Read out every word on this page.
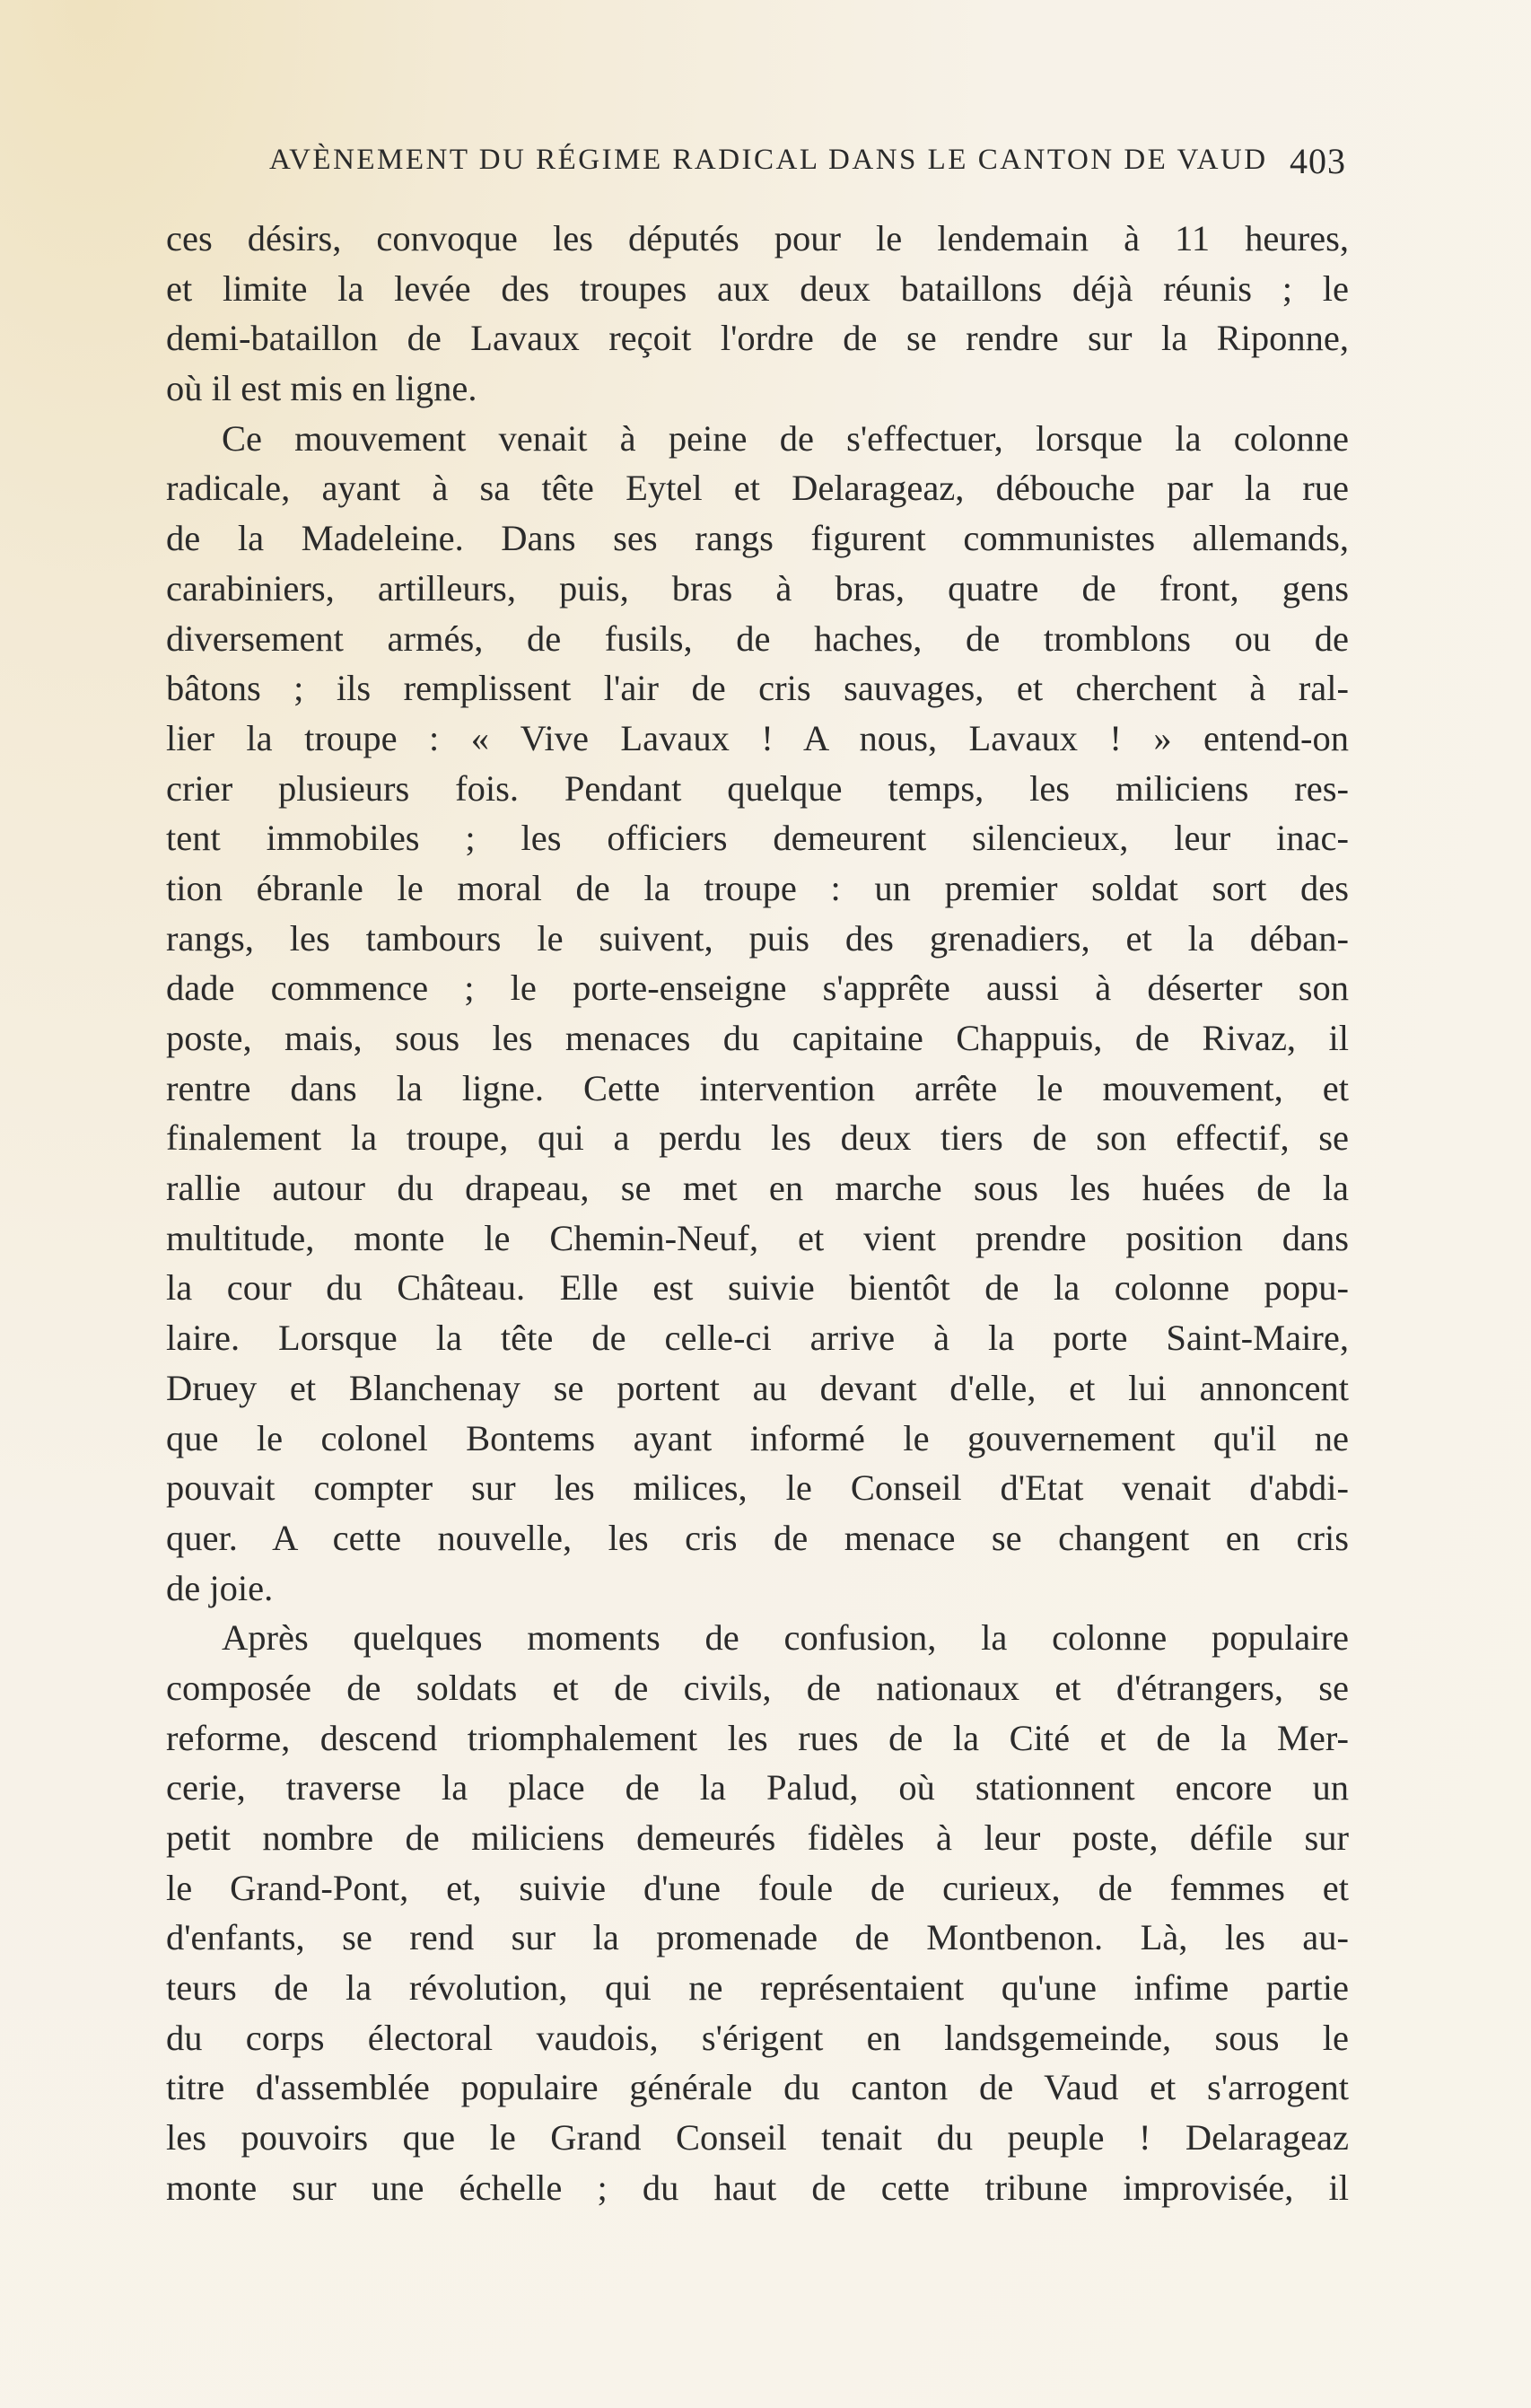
AVÈNEMENT DU RÉGIME RADICAL DANS LE CANTON DE VAUD 403
ces désirs, convoque les députés pour le lendemain à 11 heures,
et limite la levée des troupes aux deux bataillons déjà réunis ; le
demi-bataillon de Lavaux reçoit l'ordre de se rendre sur la Riponne,
où il est mis en ligne.
Ce mouvement venait à peine de s'effectuer, lorsque la colonne
radicale, ayant à sa tête Eytel et Delarageaz, débouche par la rue
de la Madeleine. Dans ses rangs figurent communistes allemands,
carabiniers, artilleurs, puis, bras à bras, quatre de front, gens
diversement armés, de fusils, de haches, de tromblons ou de
bâtons ; ils remplissent l'air de cris sauvages, et cherchent à ral-
lier la troupe : « Vive Lavaux ! A nous, Lavaux ! » entend-on
crier plusieurs fois. Pendant quelque temps, les miliciens res-
tent immobiles ; les officiers demeurent silencieux, leur inac-
tion ébranle le moral de la troupe : un premier soldat sort des
rangs, les tambours le suivent, puis des grenadiers, et la déban-
dade commence ; le porte-enseigne s'apprête aussi à déserter son
poste, mais, sous les menaces du capitaine Chappuis, de Rivaz, il
rentre dans la ligne. Cette intervention arrête le mouvement, et
finalement la troupe, qui a perdu les deux tiers de son effectif, se
rallie autour du drapeau, se met en marche sous les huées de la
multitude, monte le Chemin-Neuf, et vient prendre position dans
la cour du Château. Elle est suivie bientôt de la colonne popu-
laire. Lorsque la tête de celle-ci arrive à la porte Saint-Maire,
Druey et Blanchenay se portent au devant d'elle, et lui annoncent
que le colonel Bontems ayant informé le gouvernement qu'il ne
pouvait compter sur les milices, le Conseil d'Etat venait d'abdi-
quer. A cette nouvelle, les cris de menace se changent en cris
de joie.
Après quelques moments de confusion, la colonne populaire
composée de soldats et de civils, de nationaux et d'étrangers, se
reforme, descend triomphalement les rues de la Cité et de la Mer-
cerie, traverse la place de la Palud, où stationnent encore un
petit nombre de miliciens demeurés fidèles à leur poste, défile sur
le Grand-Pont, et, suivie d'une foule de curieux, de femmes et
d'enfants, se rend sur la promenade de Montbenon. Là, les au-
teurs de la révolution, qui ne représentaient qu'une infime partie
du corps électoral vaudois, s'érigent en landsgemeinde, sous le
titre d'assemblée populaire générale du canton de Vaud et s'arrogent
les pouvoirs que le Grand Conseil tenait du peuple ! Delarageaz
monte sur une échelle ; du haut de cette tribune improvisée, il
